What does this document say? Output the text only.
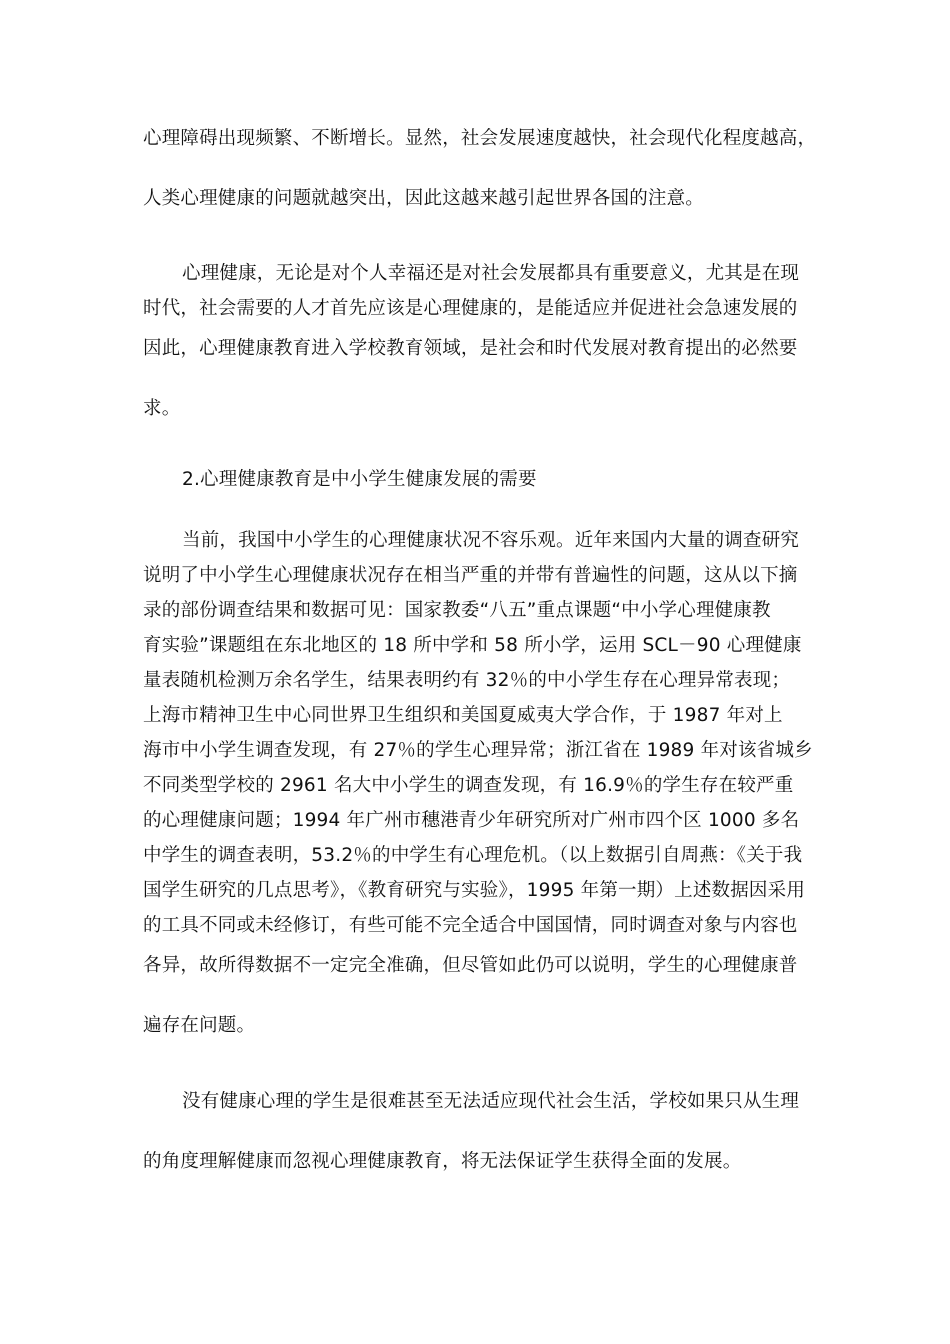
心理障碍出现频繁、不断增长。显然，社会发展速度越快，社会现代化程度越高，
人类心理健康的问题就越突出，因此这越来越引起世界各国的注意。
心理健康，无论是对个人幸福还是对社会发展都具有重要意义，尤其是在现
时代，社会需要的人才首先应该是心理健康的，是能适应并促进社会急速发展的
因此，心理健康教育进入学校教育领域，是社会和时代发展对教育提出的必然要
求。
2.心理健康教育是中小学生健康发展的需要
当前，我国中小学生的心理健康状况不容乐观。近年来国内大量的调查研究
说明了中小学生心理健康状况存在相当严重的并带有普遍性的问题，这从以下摘
录的部份调查结果和数据可见：国家教委“八五”重点课题“中小学心理健康教
育实验”课题组在东北地区的 18 所中学和 58 所小学，运用 SCL－90 心理健康
量表随机检测万余名学生，结果表明约有 32％的中小学生存在心理异常表现；
上海市精神卫生中心同世界卫生组织和美国夏威夷大学合作，于 1987 年对上
海市中小学生调查发现，有 27％的学生心理异常；浙江省在 1989 年对该省城乡
不同类型学校的 2961 名大中小学生的调查发现，有 16.9％的学生存在较严重
的心理健康问题；1994 年广州市穗港青少年研究所对广州市四个区 1000 多名
中学生的调查表明，53.2％的中学生有心理危机。（以上数据引自周燕：《关于我
国学生研究的几点思考》，《教育研究与实验》，1995 年第一期）上述数据因采用
的工具不同或未经修订，有些可能不完全适合中国国情，同时调查对象与内容也
各异，故所得数据不一定完全准确，但尽管如此仍可以说明，学生的心理健康普
遍存在问题。
没有健康心理的学生是很难甚至无法适应现代社会生活，学校如果只从生理
的角度理解健康而忽视心理健康教育，将无法保证学生获得全面的发展。
